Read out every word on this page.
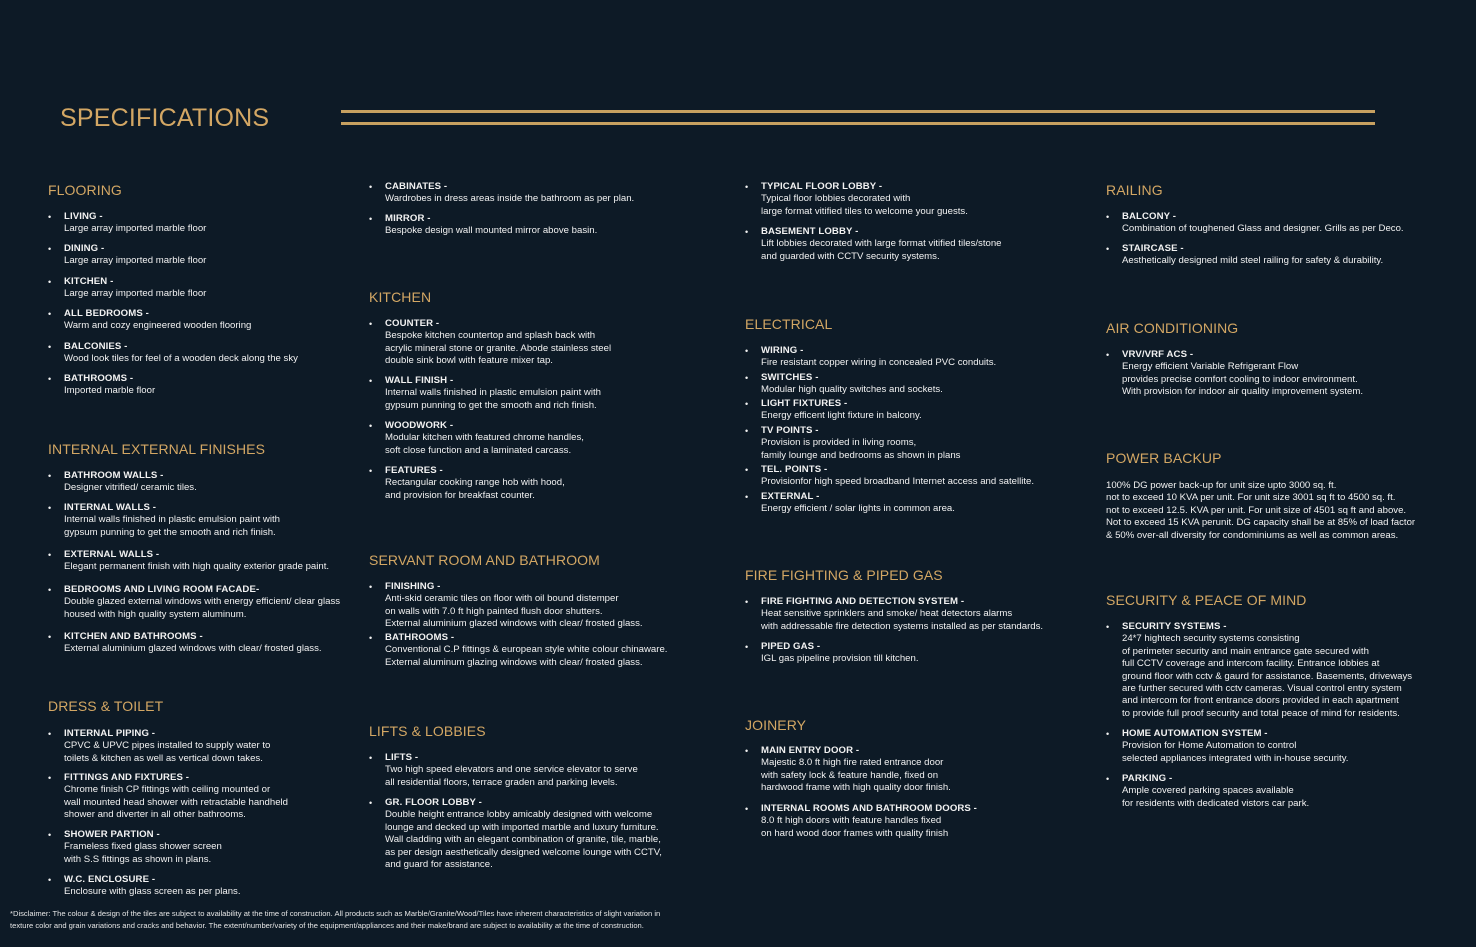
SPECIFICATIONS
FLOORING
• LIVING -
Large array imported marble floor
• DINING -
Large array imported marble floor
• KITCHEN -
Large array imported marble floor
• ALL BEDROOMS -
Warm and cozy engineered wooden flooring
• BALCONIES -
Wood look tiles for feel of a wooden deck along the sky
• BATHROOMS -
Imported marble floor
INTERNAL EXTERNAL FINISHES
• BATHROOM WALLS -
Designer vitrified/ ceramic tiles.
• INTERNAL WALLS -
Internal walls finished in plastic emulsion paint with
gypsum punning to get the smooth and rich finish.
• EXTERNAL WALLS -
Elegant permanent finish with high quality exterior grade paint.
• BEDROOMS AND LIVING ROOM FACADE-
Double glazed external windows with energy efficient/ clear glass
housed with high quality system aluminum.
• KITCHEN AND BATHROOMS -
External aluminium glazed windows with clear/ frosted glass.
DRESS & TOILET
• INTERNAL PIPING -
CPVC & UPVC pipes installed to supply water to
toilets & kitchen as well as vertical down takes.
• FITTINGS AND FIXTURES -
Chrome finish CP fittings with ceiling mounted or
wall mounted head shower with retractable handheld
shower and diverter in all other bathrooms.
• SHOWER PARTION -
Frameless fixed glass shower screen
with S.S fittings as shown in plans.
• W.C. ENCLOSURE -
Enclosure with glass screen as per plans.
• CABINATES -
Wardrobes in dress areas inside the bathroom as per plan.
• MIRROR -
Bespoke design wall mounted mirror above basin.
KITCHEN
• COUNTER -
Bespoke kitchen countertop and splash back with
acrylic mineral stone or granite. Abode stainless steel
double sink bowl with feature mixer tap.
• WALL FINISH -
Internal walls finished in plastic emulsion paint with
gypsum punning to get the smooth and rich finish.
• WOODWORK -
Modular kitchen with featured chrome handles,
soft close function and a laminated carcass.
• FEATURES -
Rectangular cooking range hob with hood,
and provision for breakfast counter.
SERVANT ROOM AND BATHROOM
• FINISHING -
Anti-skid ceramic tiles on floor with oil bound distemper
on walls with 7.0 ft high painted flush door shutters.
External aluminium glazed windows with clear/ frosted glass.
• BATHROOMS -
Conventional C.P fittings & european style white colour chinaware.
External aluminum glazing windows with clear/ frosted glass.
LIFTS & LOBBIES
• LIFTS -
Two high speed elevators and one service elevator to serve
all residential floors, terrace graden and parking levels.
• GR. FLOOR LOBBY -
Double height entrance lobby amicably designed with welcome
lounge and decked up with imported marble and luxury furniture.
Wall cladding with an elegant combination of granite, tile, marble,
as per design aesthetically designed welcome lounge with CCTV,
and guard for assistance.
• TYPICAL FLOOR LOBBY -
Typical floor lobbies decorated with
large format vitified tiles to welcome your guests.
• BASEMENT LOBBY -
Lift lobbies decorated with large format vitified tiles/stone
and guarded with CCTV security systems.
ELECTRICAL
• WIRING -
Fire resistant copper wiring in concealed PVC conduits.
• SWITCHES -
Modular high quality switches and sockets.
• LIGHT FIXTURES -
Energy efficent light fixture in balcony.
• TV POINTS -
Provision is provided in living rooms,
family lounge and bedrooms as shown in plans
• TEL. POINTS -
Provisionfor high speed broadband Internet access and satellite.
• EXTERNAL -
Energy efficient / solar lights in common area.
FIRE FIGHTING & PIPED GAS
• FIRE FIGHTING AND DETECTION SYSTEM -
Heat sensitive sprinklers and smoke/ heat detectors alarms
with addressable fire detection systems installed as per standards.
• PIPED GAS -
IGL gas pipeline provision till kitchen.
JOINERY
• MAIN ENTRY DOOR -
Majestic 8.0 ft high fire rated entrance door
with safety lock & feature handle, fixed on
hardwood frame with high quality door finish.
• INTERNAL ROOMS AND BATHROOM DOORS -
8.0 ft high doors with feature handles fixed
on hard wood door frames with quality finish
RAILING
• BALCONY -
Combination of toughened Glass and designer. Grills as per Deco.
• STAIRCASE -
Aesthetically designed mild steel railing for safety & durability.
AIR CONDITIONING
• VRV/VRF ACS -
Energy efficient Variable Refrigerant Flow
provides precise comfort cooling to indoor environment.
With provision for indoor air quality improvement system.
POWER BACKUP
100% DG power back-up for unit size upto 3000 sq. ft.
not to exceed 10 KVA per unit. For unit size 3001 sq ft to 4500 sq. ft.
not to exceed 12.5. KVA per unit. For unit size of 4501 sq ft and above.
Not to exceed 15 KVA perunit. DG capacity shall be at 85% of load factor
& 50% over-all diversity for condominiums as well as common areas.
SECURITY & PEACE OF MIND
• SECURITY SYSTEMS -
24*7 hightech security systems consisting
of perimeter security and main entrance gate secured with
full CCTV coverage and intercom facility. Entrance lobbies at
ground floor with cctv & gaurd for assistance. Basements, driveways
are further secured with cctv cameras. Visual control entry system
and intercom for front entrance doors provided in each apartment
to provide full proof security and total peace of mind for residents.
• HOME AUTOMATION SYSTEM -
Provision for Home Automation to control
selected appliances integrated with in-house security.
• PARKING -
Ample covered parking spaces available
for residents with dedicated vistors car park.
*Disclaimer: The colour & design of the tiles are subject to availability at the time of construction. All products such as Marble/Granite/Wood/Tiles have inherent characteristics of slight variation in
texture color and grain variations and cracks and behavior. The extent/number/variety of the equipment/appliances and their make/brand are subject to availability at the time of construction.
